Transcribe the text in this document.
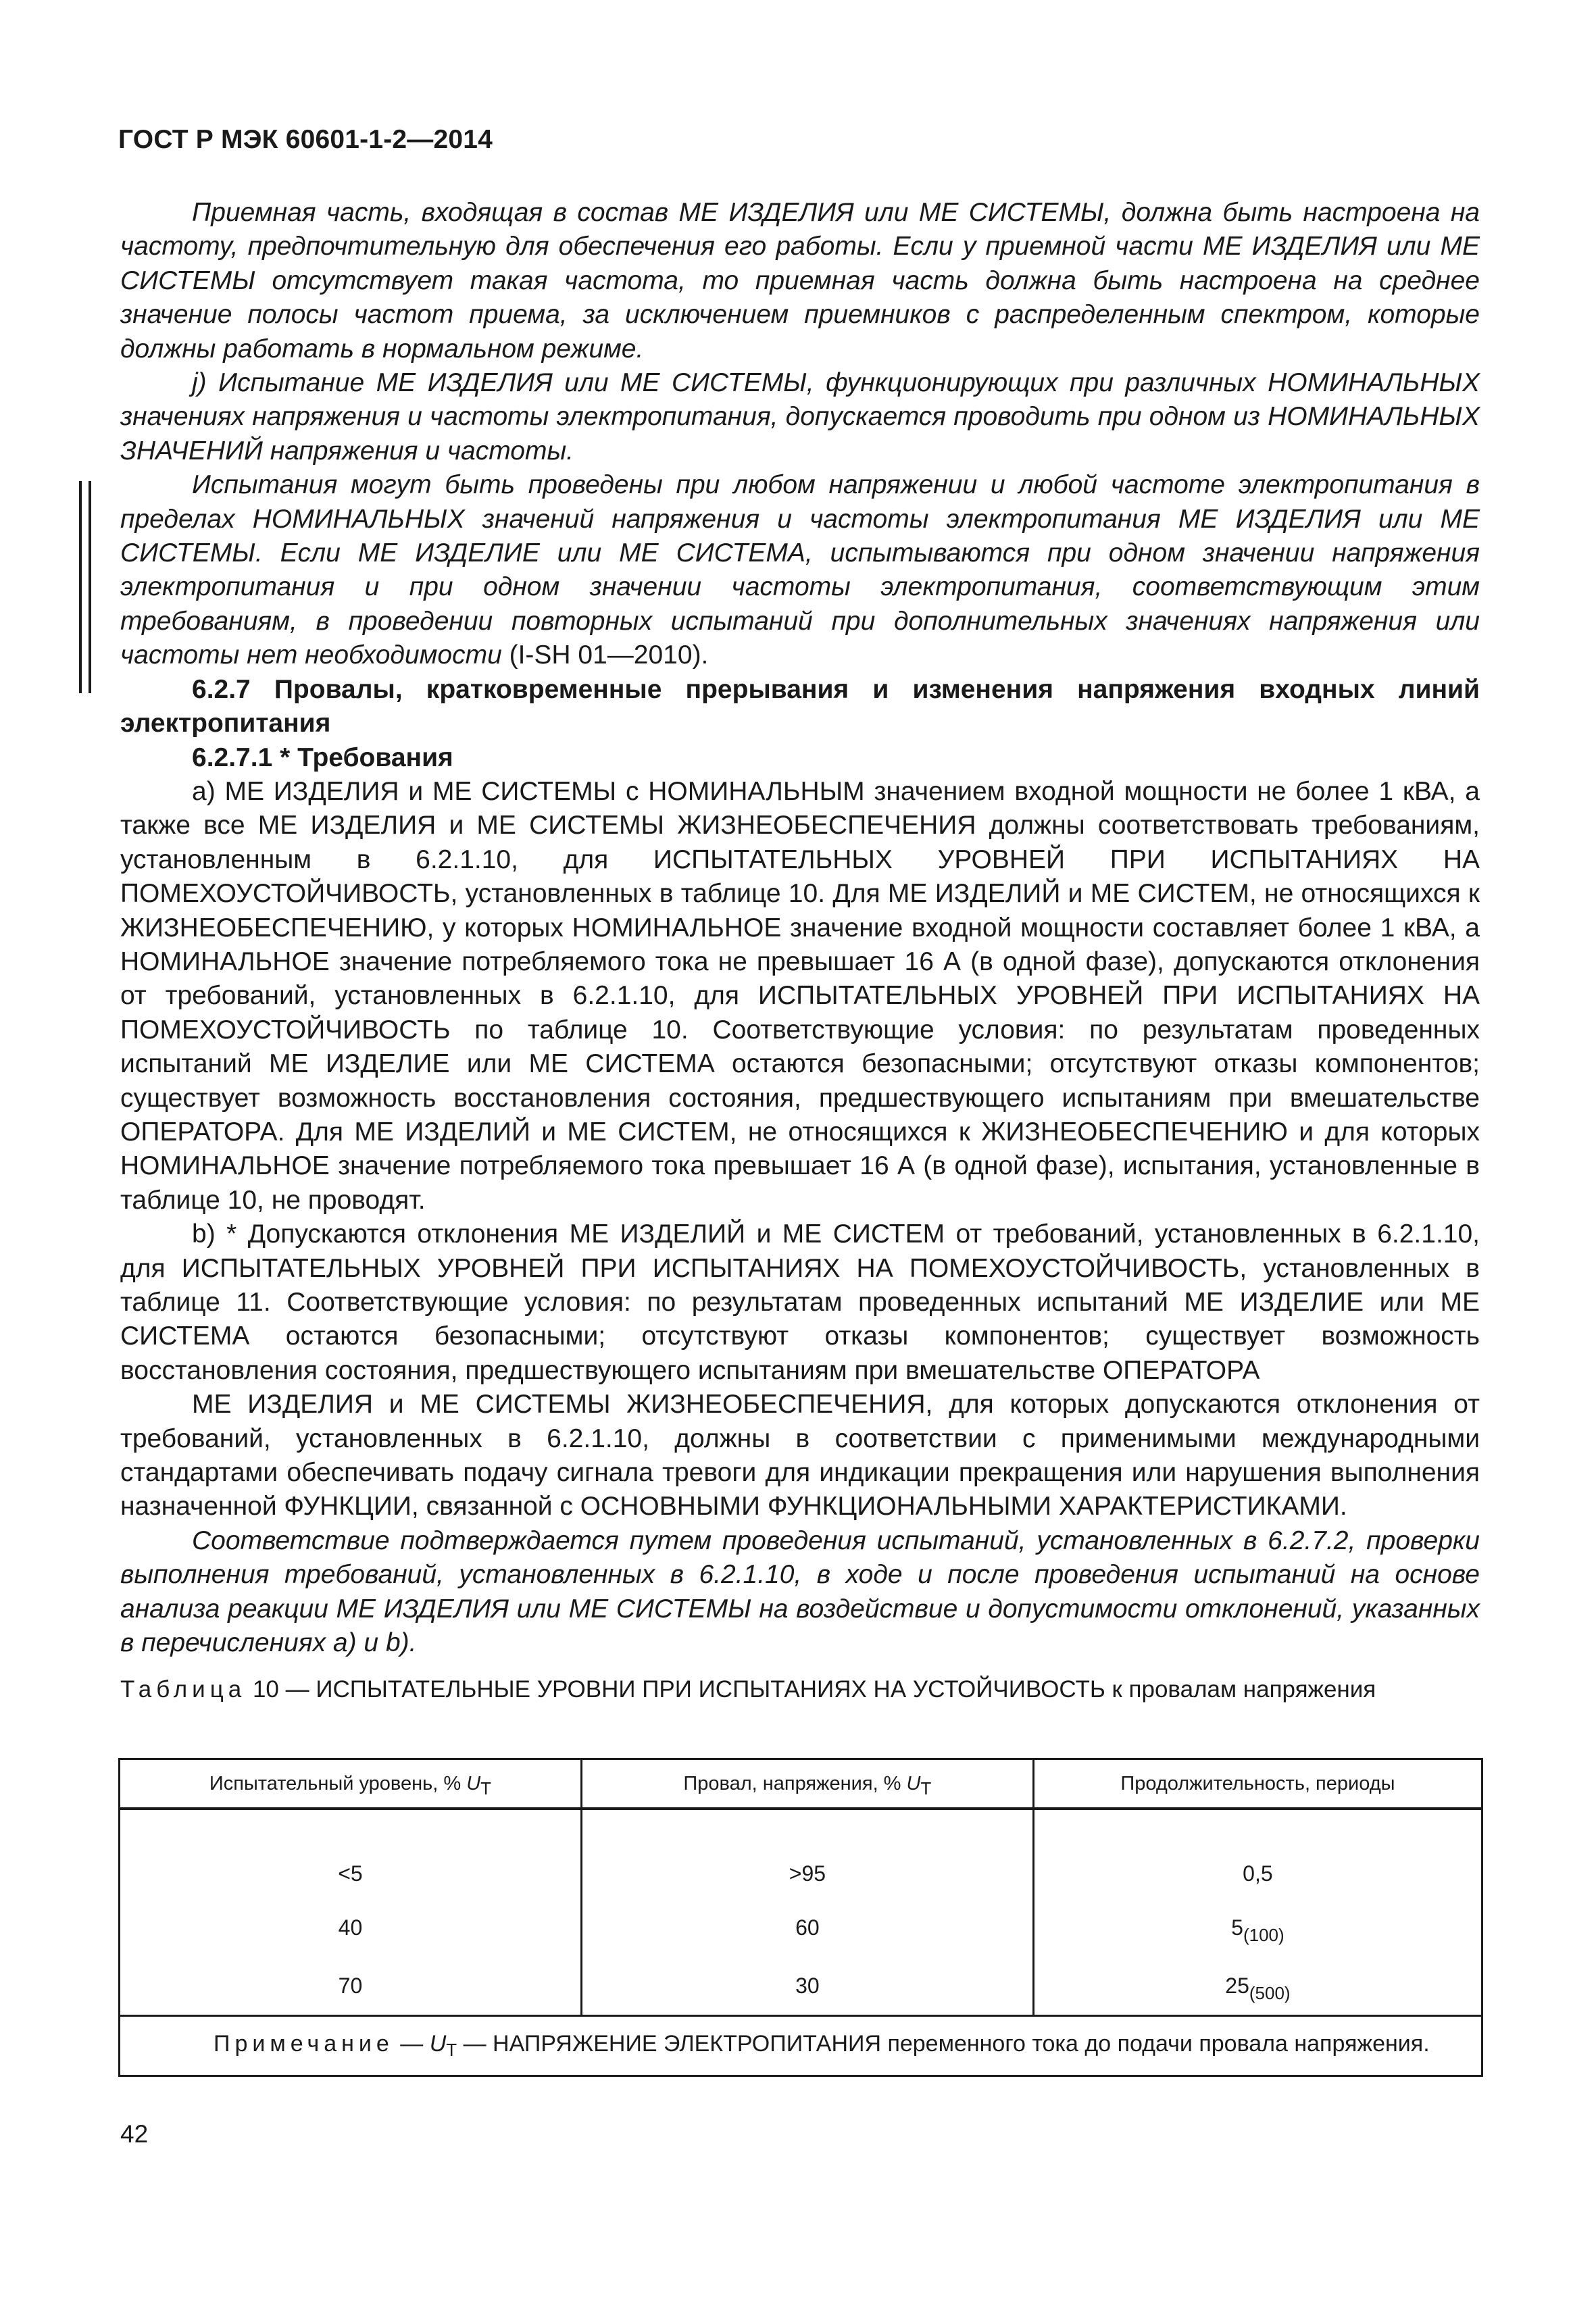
ГОСТ Р МЭК 60601-1-2—2014

Приемная часть, входящая в состав МЕ ИЗДЕЛИЯ или МЕ СИСТЕМЫ, должна быть настроена на частоту, предпочтительную для обеспечения его работы. Если у приемной части МЕ ИЗДЕЛИЯ или МЕ СИСТЕМЫ отсутствует такая частота, то приемная часть должна быть настроена на среднее значение полосы частот приема, за исключением приемников с распределенным спектром, которые должны работать в нормальном режиме.

j) Испытание МЕ ИЗДЕЛИЯ или МЕ СИСТЕМЫ, функционирующих при различных НОМИНАЛЬНЫХ значениях напряжения и частоты электропитания, допускается проводить при одном из НОМИНАЛЬНЫХ ЗНАЧЕНИЙ напряжения и частоты.

Испытания могут быть проведены при любом напряжении и любой частоте электропитания в пределах НОМИНАЛЬНЫХ значений напряжения и частоты электропитания МЕ ИЗДЕЛИЯ или МЕ СИСТЕМЫ. Если МЕ ИЗДЕЛИЕ или МЕ СИСТЕМА, испытываются при одном значении напряжения электропитания и при одном значении частоты электропитания, соответствующим этим требованиям, в проведении повторных испытаний при дополнительных значениях напряжения или частоты нет необходимости (I-SH 01—2010).

6.2.7 Провалы, кратковременные прерывания и изменения напряжения входных линий электропитания

6.2.7.1 * Требования

а) МЕ ИЗДЕЛИЯ и МЕ СИСТЕМЫ с НОМИНАЛЬНЫМ значением входной мощности не более 1 кВА, а также все МЕ ИЗДЕЛИЯ и МЕ СИСТЕМЫ ЖИЗНЕОБЕСПЕЧЕНИЯ должны соответствовать требованиям, установленным в 6.2.1.10, для ИСПЫТАТЕЛЬНЫХ УРОВНЕЙ ПРИ ИСПЫТАНИЯХ НА ПОМЕХОУСТОЙЧИВОСТЬ, установленных в таблице 10. Для МЕ ИЗДЕЛИЙ и МЕ СИСТЕМ, не относящихся к ЖИЗНЕОБЕСПЕЧЕНИЮ, у которых НОМИНАЛЬНОЕ значение входной мощности составляет более 1 кВА, а НОМИНАЛЬНОЕ значение потребляемого тока не превышает 16 А (в одной фазе), допускаются отклонения от требований, установленных в 6.2.1.10, для ИСПЫТАТЕЛЬНЫХ УРОВНЕЙ ПРИ ИСПЫТАНИЯХ НА ПОМЕХОУСТОЙЧИВОСТЬ по таблице 10. Соответствующие условия: по результатам проведенных испытаний МЕ ИЗДЕЛИЕ или МЕ СИСТЕМА остаются безопасными; отсутствуют отказы компонентов; существует возможность восстановления состояния, предшествующего испытаниям при вмешательстве ОПЕРАТОРА. Для МЕ ИЗДЕЛИЙ и МЕ СИСТЕМ, не относящихся к ЖИЗНЕОБЕСПЕЧЕНИЮ и для которых НОМИНАЛЬНОЕ значение потребляемого тока превышает 16 А (в одной фазе), испытания, установленные в таблице 10, не проводят.

b) * Допускаются отклонения МЕ ИЗДЕЛИЙ и МЕ СИСТЕМ от требований, установленных в 6.2.1.10, для ИСПЫТАТЕЛЬНЫХ УРОВНЕЙ ПРИ ИСПЫТАНИЯХ НА ПОМЕХОУСТОЙЧИВОСТЬ, установленных в таблице 11. Соответствующие условия: по результатам проведенных испытаний МЕ ИЗДЕЛИЕ или МЕ СИСТЕМА остаются безопасными; отсутствуют отказы компонентов; существует возможность восстановления состояния, предшествующего испытаниям при вмешательстве ОПЕРАТОРА

МЕ ИЗДЕЛИЯ и МЕ СИСТЕМЫ ЖИЗНЕОБЕСПЕЧЕНИЯ, для которых допускаются отклонения от требований, установленных в 6.2.1.10, должны в соответствии с применимыми международными стандартами обеспечивать подачу сигнала тревоги для индикации прекращения или нарушения выполнения назначенной ФУНКЦИИ, связанной с ОСНОВНЫМИ ФУНКЦИОНАЛЬНЫМИ ХАРАКТЕРИСТИКАМИ.

Соответствие подтверждается путем проведения испытаний, установленных в 6.2.7.2, проверки выполнения требований, установленных в 6.2.1.10, в ходе и после проведения испытаний на основе анализа реакции МЕ ИЗДЕЛИЯ или МЕ СИСТЕМЫ на воздействие и допустимости отклонений, указанных в перечислениях а) и b).

Таблица 10 — ИСПЫТАТЕЛЬНЫЕ УРОВНИ ПРИ ИСПЫТАНИЯХ НА УСТОЙЧИВОСТЬ к провалам напряжения

Испытательный уровень, % UT	Провал, напряжения, % UT	Продолжительность, периоды
<5	>95	0,5
40	60	$5_{(100)}$
70	30	$25_{(500)}$
Примечание — $U_T$ — НАПРЯЖЕНИЕ ЭЛЕКТРОПИТАНИЯ переменного тока до подачи провала напряжения.		
42
